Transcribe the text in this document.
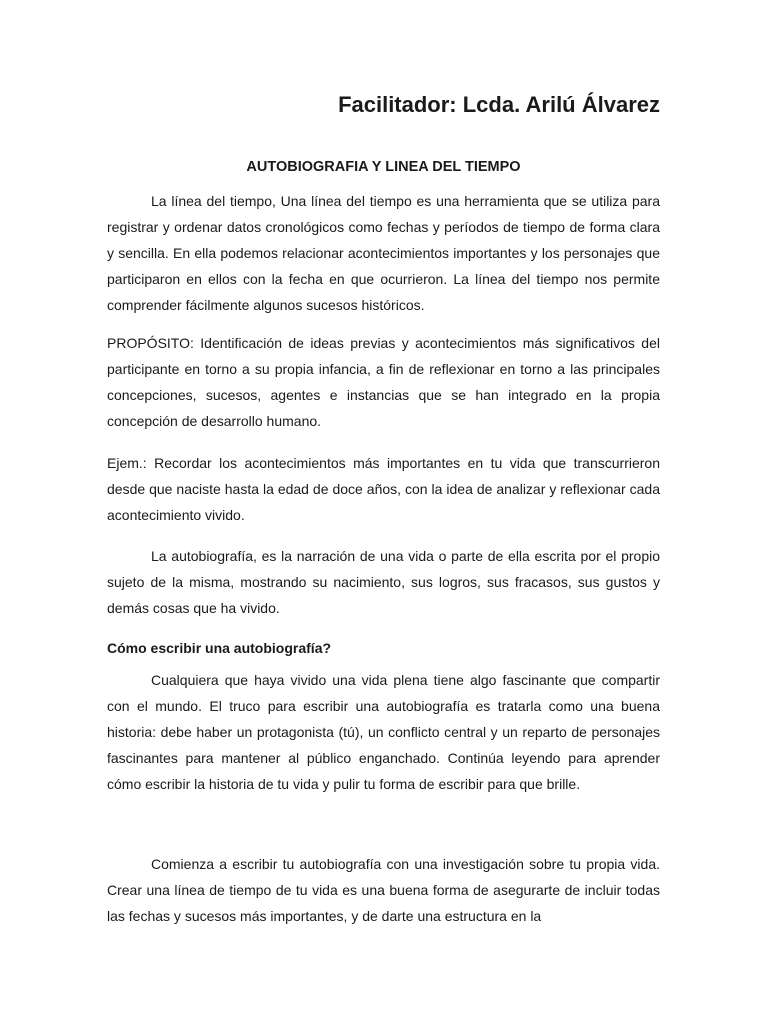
Facilitador: Lcda. Arilú Álvarez
AUTOBIOGRAFIA Y LINEA DEL TIEMPO

La línea del tiempo, Una línea del tiempo es una herramienta que se utiliza para registrar y ordenar datos cronológicos como fechas y períodos de tiempo de forma clara y sencilla. En ella podemos relacionar acontecimientos importantes y los personajes que participaron en ellos con la fecha en que ocurrieron. La línea del tiempo nos permite comprender fácilmente algunos sucesos históricos.

PROPÓSITO: Identificación de ideas previas y acontecimientos más significativos del participante en torno a su propia infancia, a fin de reflexionar en torno a las principales concepciones, sucesos, agentes e instancias que se han integrado en la propia concepción de desarrollo humano.

Ejem.: Recordar los acontecimientos más importantes en tu vida que transcurrieron desde que naciste hasta la edad de doce años, con la idea de analizar y reflexionar cada acontecimiento vivido.

La autobiografía, es la narración de una vida o parte de ella escrita por el propio sujeto de la misma, mostrando su nacimiento, sus logros, sus fracasos, sus gustos y demás cosas que ha vivido.

Cómo escribir una autobiografía?

Cualquiera que haya vivido una vida plena tiene algo fascinante que compartir con el mundo. El truco para escribir una autobiografía es tratarla como una buena historia: debe haber un protagonista (tú), un conflicto central y un reparto de personajes fascinantes para mantener al público enganchado. Continúa leyendo para aprender cómo escribir la historia de tu vida y pulir tu forma de escribir para que brille.

Comienza a escribir tu autobiografía con una investigación sobre tu propia vida. Crear una línea de tiempo de tu vida es una buena forma de asegurarte de incluir todas las fechas y sucesos más importantes, y de darte una estructura en la
